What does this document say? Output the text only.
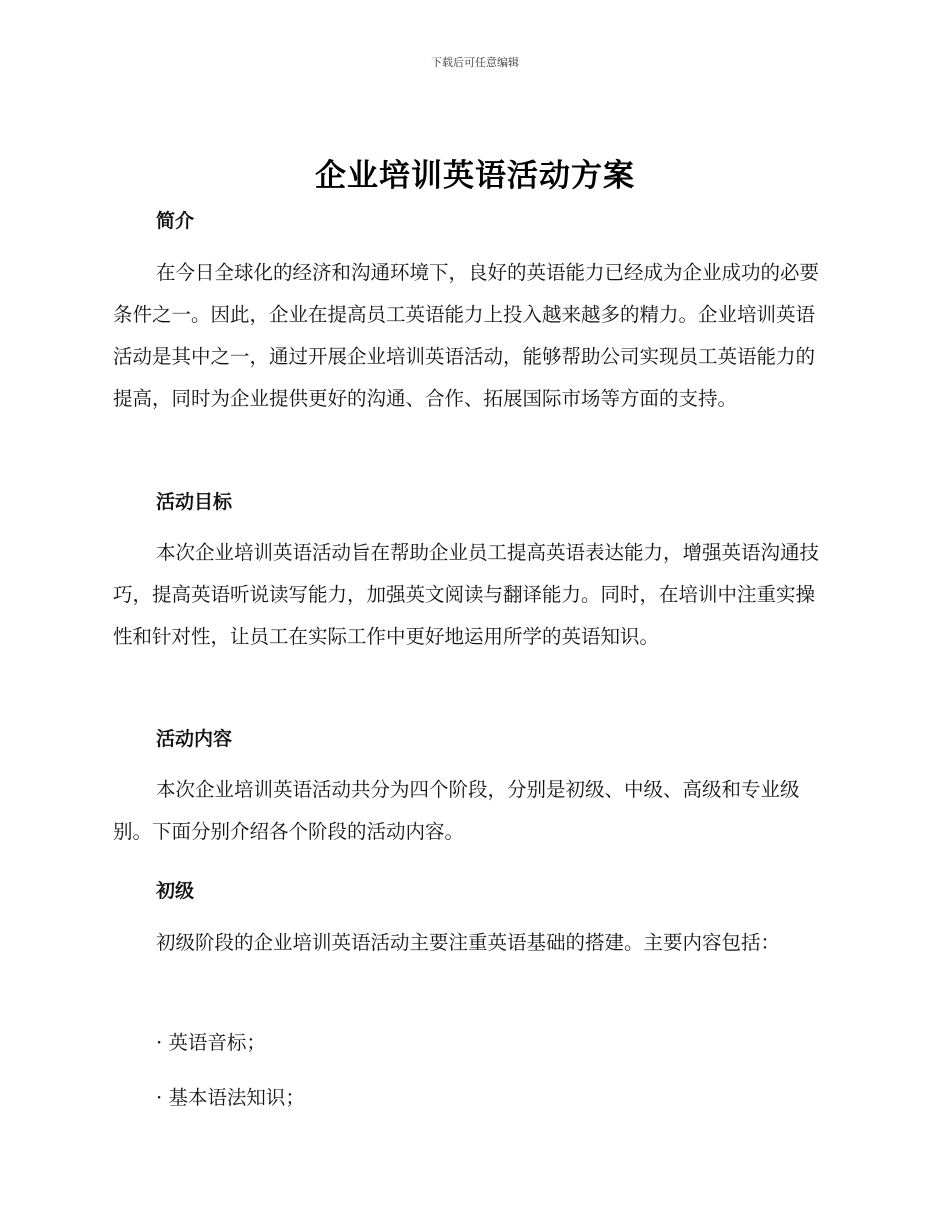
下载后可任意编辑
企业培训英语活动方案
简介
在今日全球化的经济和沟通环境下，良好的英语能力已经成为企业成功的必要条件之一。因此，企业在提高员工英语能力上投入越来越多的精力。企业培训英语活动是其中之一，通过开展企业培训英语活动，能够帮助公司实现员工英语能力的提高，同时为企业提供更好的沟通、合作、拓展国际市场等方面的支持。
活动目标
本次企业培训英语活动旨在帮助企业员工提高英语表达能力，增强英语沟通技巧，提高英语听说读写能力，加强英文阅读与翻译能力。同时，在培训中注重实操性和针对性，让员工在实际工作中更好地运用所学的英语知识。
活动内容
本次企业培训英语活动共分为四个阶段，分别是初级、中级、高级和专业级别。下面分别介绍各个阶段的活动内容。
初级
初级阶段的企业培训英语活动主要注重英语基础的搭建。主要内容包括：
· 英语音标；
· 基本语法知识；
